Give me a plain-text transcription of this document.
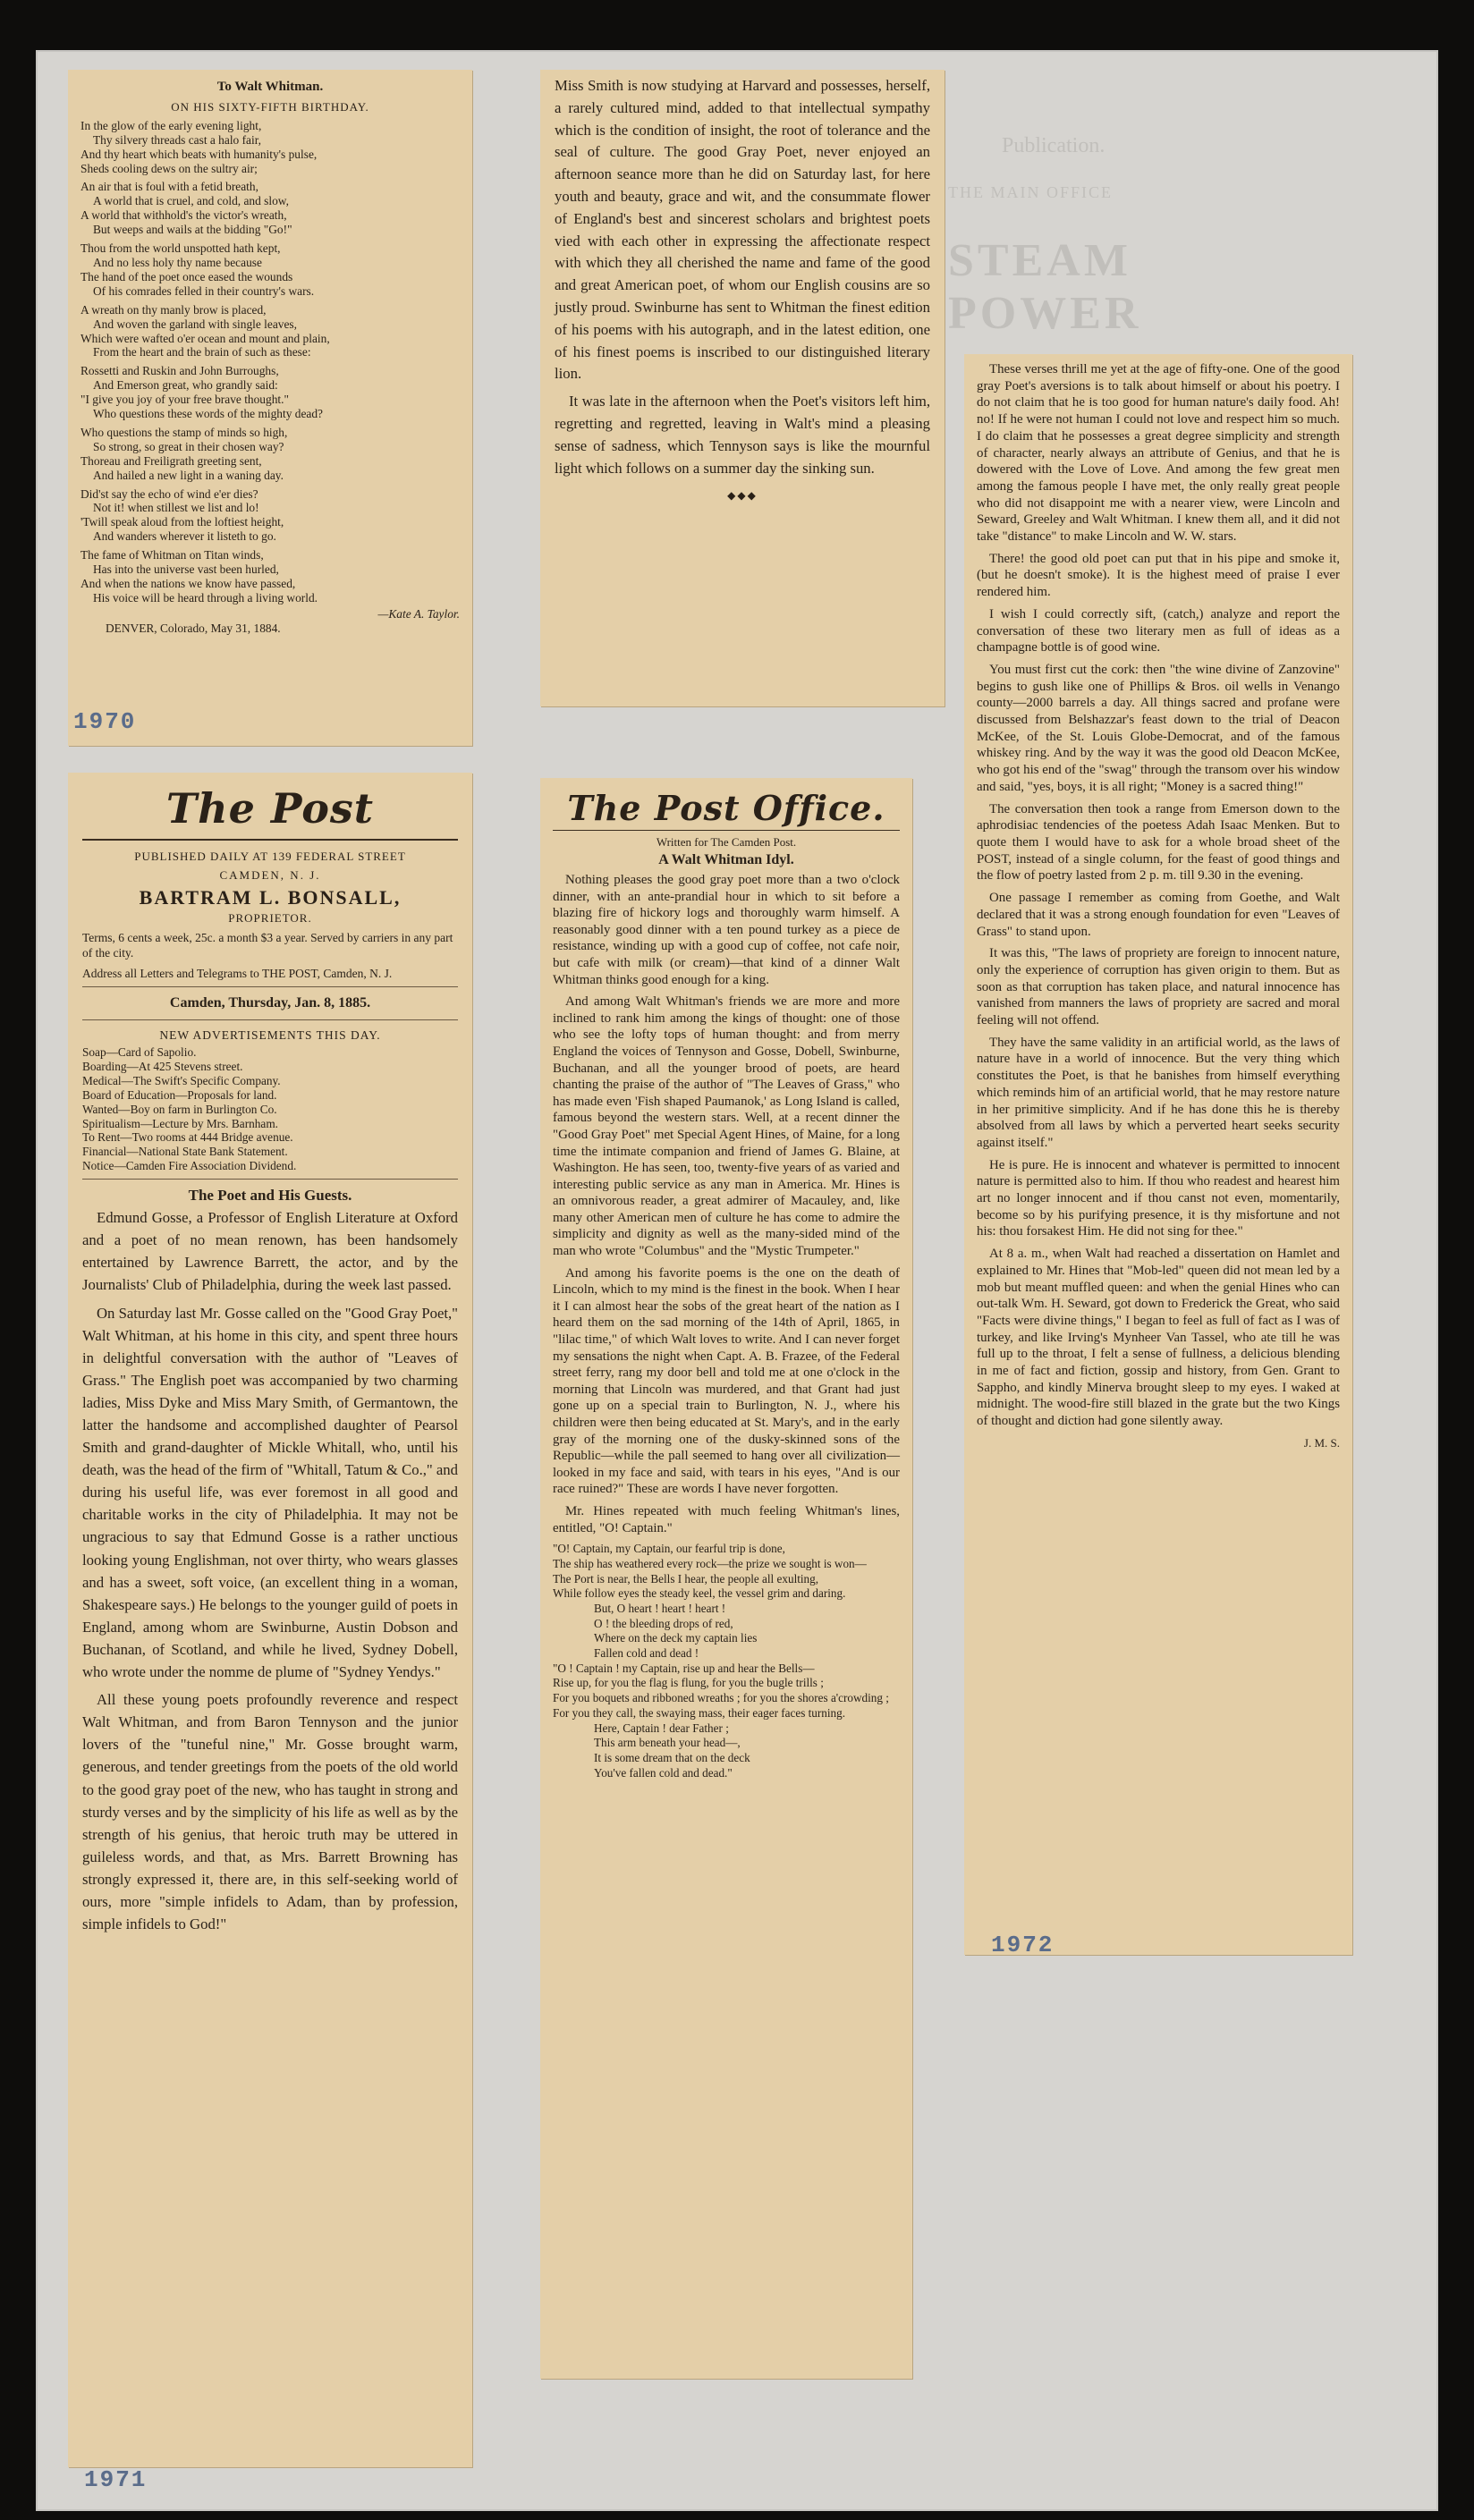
Publication.
THE MAIN OFFICE
STEAM POWER
To Walt Whitman.
ON HIS SIXTY-FIFTH BIRTHDAY.
In the glow of the early evening light,
Thy silvery threads cast a halo fair,
And thy heart which beats with humanity's pulse,
Sheds cooling dews on the sultry air;
An air that is foul with a fetid breath,
A world that is cruel, and cold, and slow,
A world that withhold's the victor's wreath,
But weeps and wails at the bidding "Go!"
Thou from the world unspotted hath kept,
And no less holy thy name because
The hand of the poet once eased the wounds
Of his comrades felled in their country's wars.
A wreath on thy manly brow is placed,
And woven the garland with single leaves,
Which were wafted o'er ocean and mount and plain,
From the heart and the brain of such as these:
Rossetti and Ruskin and John Burroughs,
And Emerson great, who grandly said:
"I give you joy of your free brave thought."
Who questions these words of the mighty dead?
Who questions the stamp of minds so high,
So strong, so great in their chosen way?
Thoreau and Freiligrath greeting sent,
And hailed a new light in a waning day.
Did'st say the echo of wind e'er dies?
Not it! when stillest we list and lo!
'Twill speak aloud from the loftiest height,
And wanders wherever it listeth to go.
The fame of Whitman on Titan winds,
Has into the universe vast been hurled,
And when the nations we know have passed,
His voice will be heard through a living world.
—Kate A. Taylor.
DENVER, Colorado, May 31, 1884.
1970
The Post
PUBLISHED DAILY AT 139 FEDERAL STREET
CAMDEN, N. J.
BARTRAM L. BONSALL,
PROPRIETOR.
Terms, 6 cents a week, 25c. a month $3 a year. Served by carriers in any part of the city.
Address all Letters and Telegrams to THE POST, Camden, N. J.
Camden, Thursday, Jan. 8, 1885.
NEW ADVERTISEMENTS THIS DAY.
Soap—Card of Sapolio.
Boarding—At 425 Stevens street.
Medical—The Swift's Specific Company.
Board of Education—Proposals for land.
Wanted—Boy on farm in Burlington Co.
Spiritualism—Lecture by Mrs. Barnham.
To Rent—Two rooms at 444 Bridge avenue.
Financial—National State Bank Statement.
Notice—Camden Fire Association Dividend.
The Poet and His Guests.

Edmund Gosse, a Professor of English Literature at Oxford and a poet of no mean renown, has been handsomely entertained by Lawrence Barrett, the actor, and by the Journalists' Club of Philadelphia, during the week last passed.

On Saturday last Mr. Gosse called on the "Good Gray Poet," Walt Whitman, at his home in this city, and spent three hours in delightful conversation with the author of "Leaves of Grass." The English poet was accompanied by two charming ladies, Miss Dyke and Miss Mary Smith, of Germantown, the latter the handsome and accomplished daughter of Pearsol Smith and grand-daughter of Mickle Whitall, who, until his death, was the head of the firm of "Whitall, Tatum & Co.," and during his useful life, was ever foremost in all good and charitable works in the city of Philadelphia. It may not be ungracious to say that Edmund Gosse is a rather unctious looking young Englishman, not over thirty, who wears glasses and has a sweet, soft voice, (an excellent thing in a woman, Shakespeare says.) He belongs to the younger guild of poets in England, among whom are Swinburne, Austin Dobson and Buchanan, of Scotland, and while he lived, Sydney Dobell, who wrote under the nomme de plume of "Sydney Yendys."

All these young poets profoundly reverence and respect Walt Whitman, and from Baron Tennyson and the junior lovers of the "tuneful nine," Mr. Gosse brought warm, generous, and tender greetings from the poets of the old world to the good gray poet of the new, who has taught in strong and sturdy verses and by the simplicity of his life as well as by the strength of his genius, that heroic truth may be uttered in guileless words, and that, as Mrs. Barrett Browning has strongly expressed it, there are, in this self-seeking world of ours, more "simple infidels to Adam, than by profession, simple infidels to God!"

1971

Miss Smith is now studying at Harvard and possesses, herself, a rarely cultured mind, added to that intellectual sympathy which is the condition of insight, the root of tolerance and the seal of culture. The good Gray Poet, never enjoyed an afternoon seance more than he did on Saturday last, for here youth and beauty, grace and wit, and the consummate flower of England's best and sincerest scholars and brightest poets vied with each other in expressing the affectionate respect with which they all cherished the name and fame of the good and great American poet, of whom our English cousins are so justly proud. Swinburne has sent to Whitman the finest edition of his poems with his autograph, and in the latest edition, one of his finest poems is inscribed to our distinguished literary lion.

It was late in the afternoon when the Poet's visitors left him, regretting and regretted, leaving in Walt's mind a pleasing sense of sadness, which Tennyson says is like the mournful light which follows on a summer day the sinking sun.

◆◆◆
The Post Office.
Written for The Camden Post.
A Walt Whitman Idyl.

Nothing pleases the good gray poet more than a two o'clock dinner, with an ante-prandial hour in which to sit before a blazing fire of hickory logs and thoroughly warm himself. A reasonably good dinner with a ten pound turkey as a piece de resistance, winding up with a good cup of coffee, not cafe noir, but cafe with milk (or cream)—that kind of a dinner Walt Whitman thinks good enough for a king.

And among Walt Whitman's friends we are more and more inclined to rank him among the kings of thought: one of those who see the lofty tops of human thought: and from merry England the voices of Tennyson and Gosse, Dobell, Swinburne, Buchanan, and all the younger brood of poets, are heard chanting the praise of the author of "The Leaves of Grass," who has made even 'Fish shaped Paumanok,' as Long Island is called, famous beyond the western stars. Well, at a recent dinner the "Good Gray Poet" met Special Agent Hines, of Maine, for a long time the intimate companion and friend of James G. Blaine, at Washington. He has seen, too, twenty-five years of as varied and interesting public service as any man in America. Mr. Hines is an omnivorous reader, a great admirer of Macauley, and, like many other American men of culture he has come to admire the simplicity and dignity as well as the many-sided mind of the man who wrote "Columbus" and the "Mystic Trumpeter."

And among his favorite poems is the one on the death of Lincoln, which to my mind is the finest in the book. When I hear it I can almost hear the sobs of the great heart of the nation as I heard them on the sad morning of the 14th of April, 1865, in "lilac time," of which Walt loves to write. And I can never forget my sensations the night when Capt. A. B. Frazee, of the Federal street ferry, rang my door bell and told me at one o'clock in the morning that Lincoln was murdered, and that Grant had just gone up on a special train to Burlington, N. J., where his children were then being educated at St. Mary's, and in the early gray of the morning one of the dusky-skinned sons of the Republic—while the pall seemed to hang over all civilization—looked in my face and said, with tears in his eyes, "And is our race ruined?" These are words I have never forgotten.

Mr. Hines repeated with much feeling Whitman's lines, entitled, "O! Captain."

"O! Captain, my Captain, our fearful trip is done,
The ship has weathered every rock—the prize we sought is won—
The Port is near, the Bells I hear, the people all exulting,
While follow eyes the steady keel, the vessel grim and daring.
But, O heart ! heart ! heart !
O ! the bleeding drops of red,
Where on the deck my captain lies
Fallen cold and dead !
"O ! Captain ! my Captain, rise up and hear the Bells—
Rise up, for you the flag is flung, for you the bugle trills ;
For you boquets and ribboned wreaths ; for you the shores a'crowding ;
For you they call, the swaying mass, their eager faces turning.
Here, Captain ! dear Father ;
This arm beneath your head—,
It is some dream that on the deck
You've fallen cold and dead."

These verses thrill me yet at the age of fifty-one. One of the good gray Poet's aversions is to talk about himself or about his poetry. I do not claim that he is too good for human nature's daily food. Ah! no! If he were not human I could not love and respect him so much. I do claim that he possesses a great degree simplicity and strength of character, nearly always an attribute of Genius, and that he is dowered with the Love of Love. And among the few great men among the famous people I have met, the only really great people who did not disappoint me with a nearer view, were Lincoln and Seward, Greeley and Walt Whitman. I knew them all, and it did not take "distance" to make Lincoln and W. W. stars.

There! the good old poet can put that in his pipe and smoke it, (but he doesn't smoke). It is the highest meed of praise I ever rendered him.

I wish I could correctly sift, (catch,) analyze and report the conversation of these two literary men as full of ideas as a champagne bottle is of good wine.

You must first cut the cork: then "the wine divine of Zanzovine" begins to gush like one of Phillips & Bros. oil wells in Venango county—2000 barrels a day. All things sacred and profane were discussed from Belshazzar's feast down to the trial of Deacon McKee, of the St. Louis Globe-Democrat, and of the famous whiskey ring. And by the way it was the good old Deacon McKee, who got his end of the "swag" through the transom over his window and said, "yes, boys, it is all right; "Money is a sacred thing!"

The conversation then took a range from Emerson down to the aphrodisiac tendencies of the poetess Adah Isaac Menken. But to quote them I would have to ask for a whole broad sheet of the POST, instead of a single column, for the feast of good things and the flow of poetry lasted from 2 p. m. till 9.30 in the evening.

One passage I remember as coming from Goethe, and Walt declared that it was a strong enough foundation for even "Leaves of Grass" to stand upon.

It was this, "The laws of propriety are foreign to innocent nature, only the experience of corruption has given origin to them. But as soon as that corruption has taken place, and natural innocence has vanished from manners the laws of propriety are sacred and moral feeling will not offend.

They have the same validity in an artificial world, as the laws of nature have in a world of innocence. But the very thing which constitutes the Poet, is that he banishes from himself everything which reminds him of an artificial world, that he may restore nature in her primitive simplicity. And if he has done this he is thereby absolved from all laws by which a perverted heart seeks security against itself."

He is pure. He is innocent and whatever is permitted to innocent nature is permitted also to him. If thou who readest and hearest him art no longer innocent and if thou canst not even, momentarily, become so by his purifying presence, it is thy misfortune and not his: thou forsakest Him. He did not sing for thee."

At 8 a. m., when Walt had reached a dissertation on Hamlet and explained to Mr. Hines that "Mob-led" queen did not mean led by a mob but meant muffled queen: and when the genial Hines who can out-talk Wm. H. Seward, got down to Frederick the Great, who said "Facts were divine things," I began to feel as full of fact as I was of turkey, and like Irving's Mynheer Van Tassel, who ate till he was full up to the throat, I felt a sense of fullness, a delicious blending in me of fact and fiction, gossip and history, from Gen. Grant to Sappho, and kindly Minerva brought sleep to my eyes. I waked at midnight. The wood-fire still blazed in the grate but the two Kings of thought and diction had gone silently away.

J. M. S.
1972
